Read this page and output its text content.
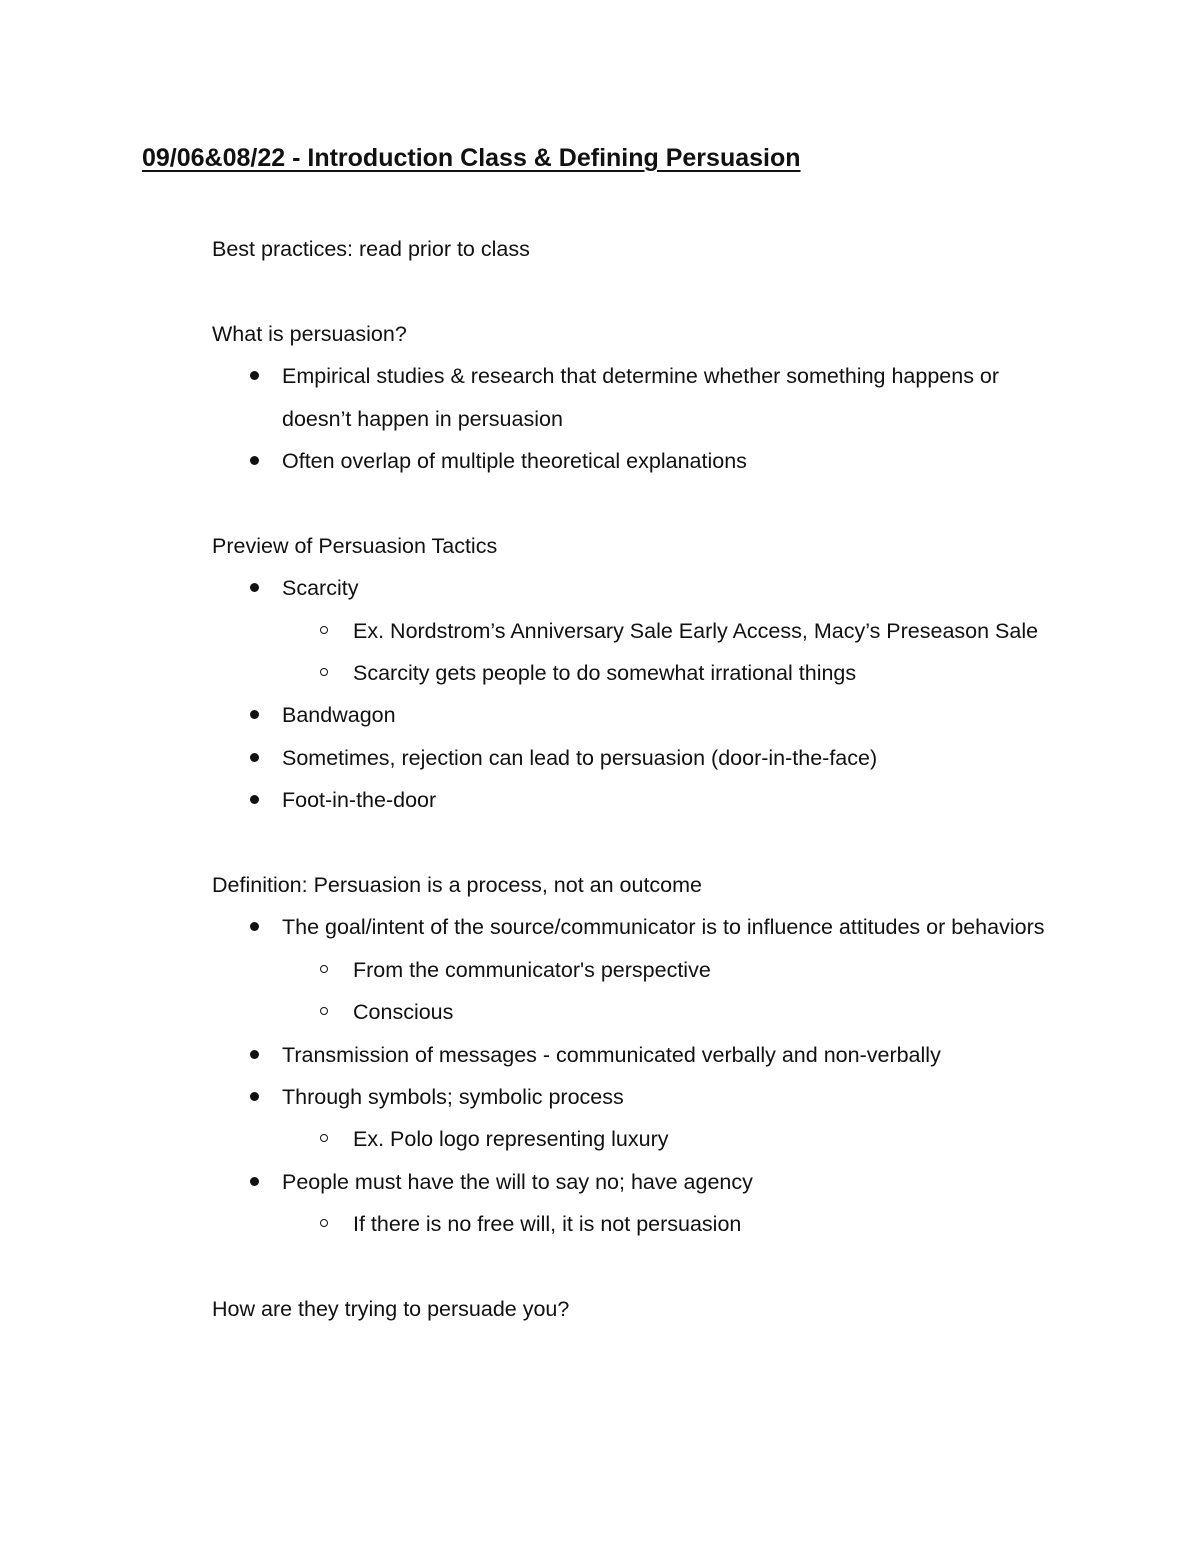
09/06&08/22 - Introduction Class & Defining Persuasion

Best practices: read prior to class

What is persuasion?

Empirical studies & research that determine whether something happens or doesn’t happen in persuasion
Often overlap of multiple theoretical explanations

Preview of Persuasion Tactics

Scarcity
Ex. Nordstrom’s Anniversary Sale Early Access, Macy’s Preseason Sale
Scarcity gets people to do somewhat irrational things
Bandwagon
Sometimes, rejection can lead to persuasion (door-in-the-face)
Foot-in-the-door

Definition: Persuasion is a process, not an outcome

The goal/intent of the source/communicator is to influence attitudes or behaviors
From the communicator's perspective
Conscious
Transmission of messages - communicated verbally and non-verbally
Through symbols; symbolic process
Ex. Polo logo representing luxury
People must have the will to say no; have agency
If there is no free will, it is not persuasion

How are they trying to persuade you?
